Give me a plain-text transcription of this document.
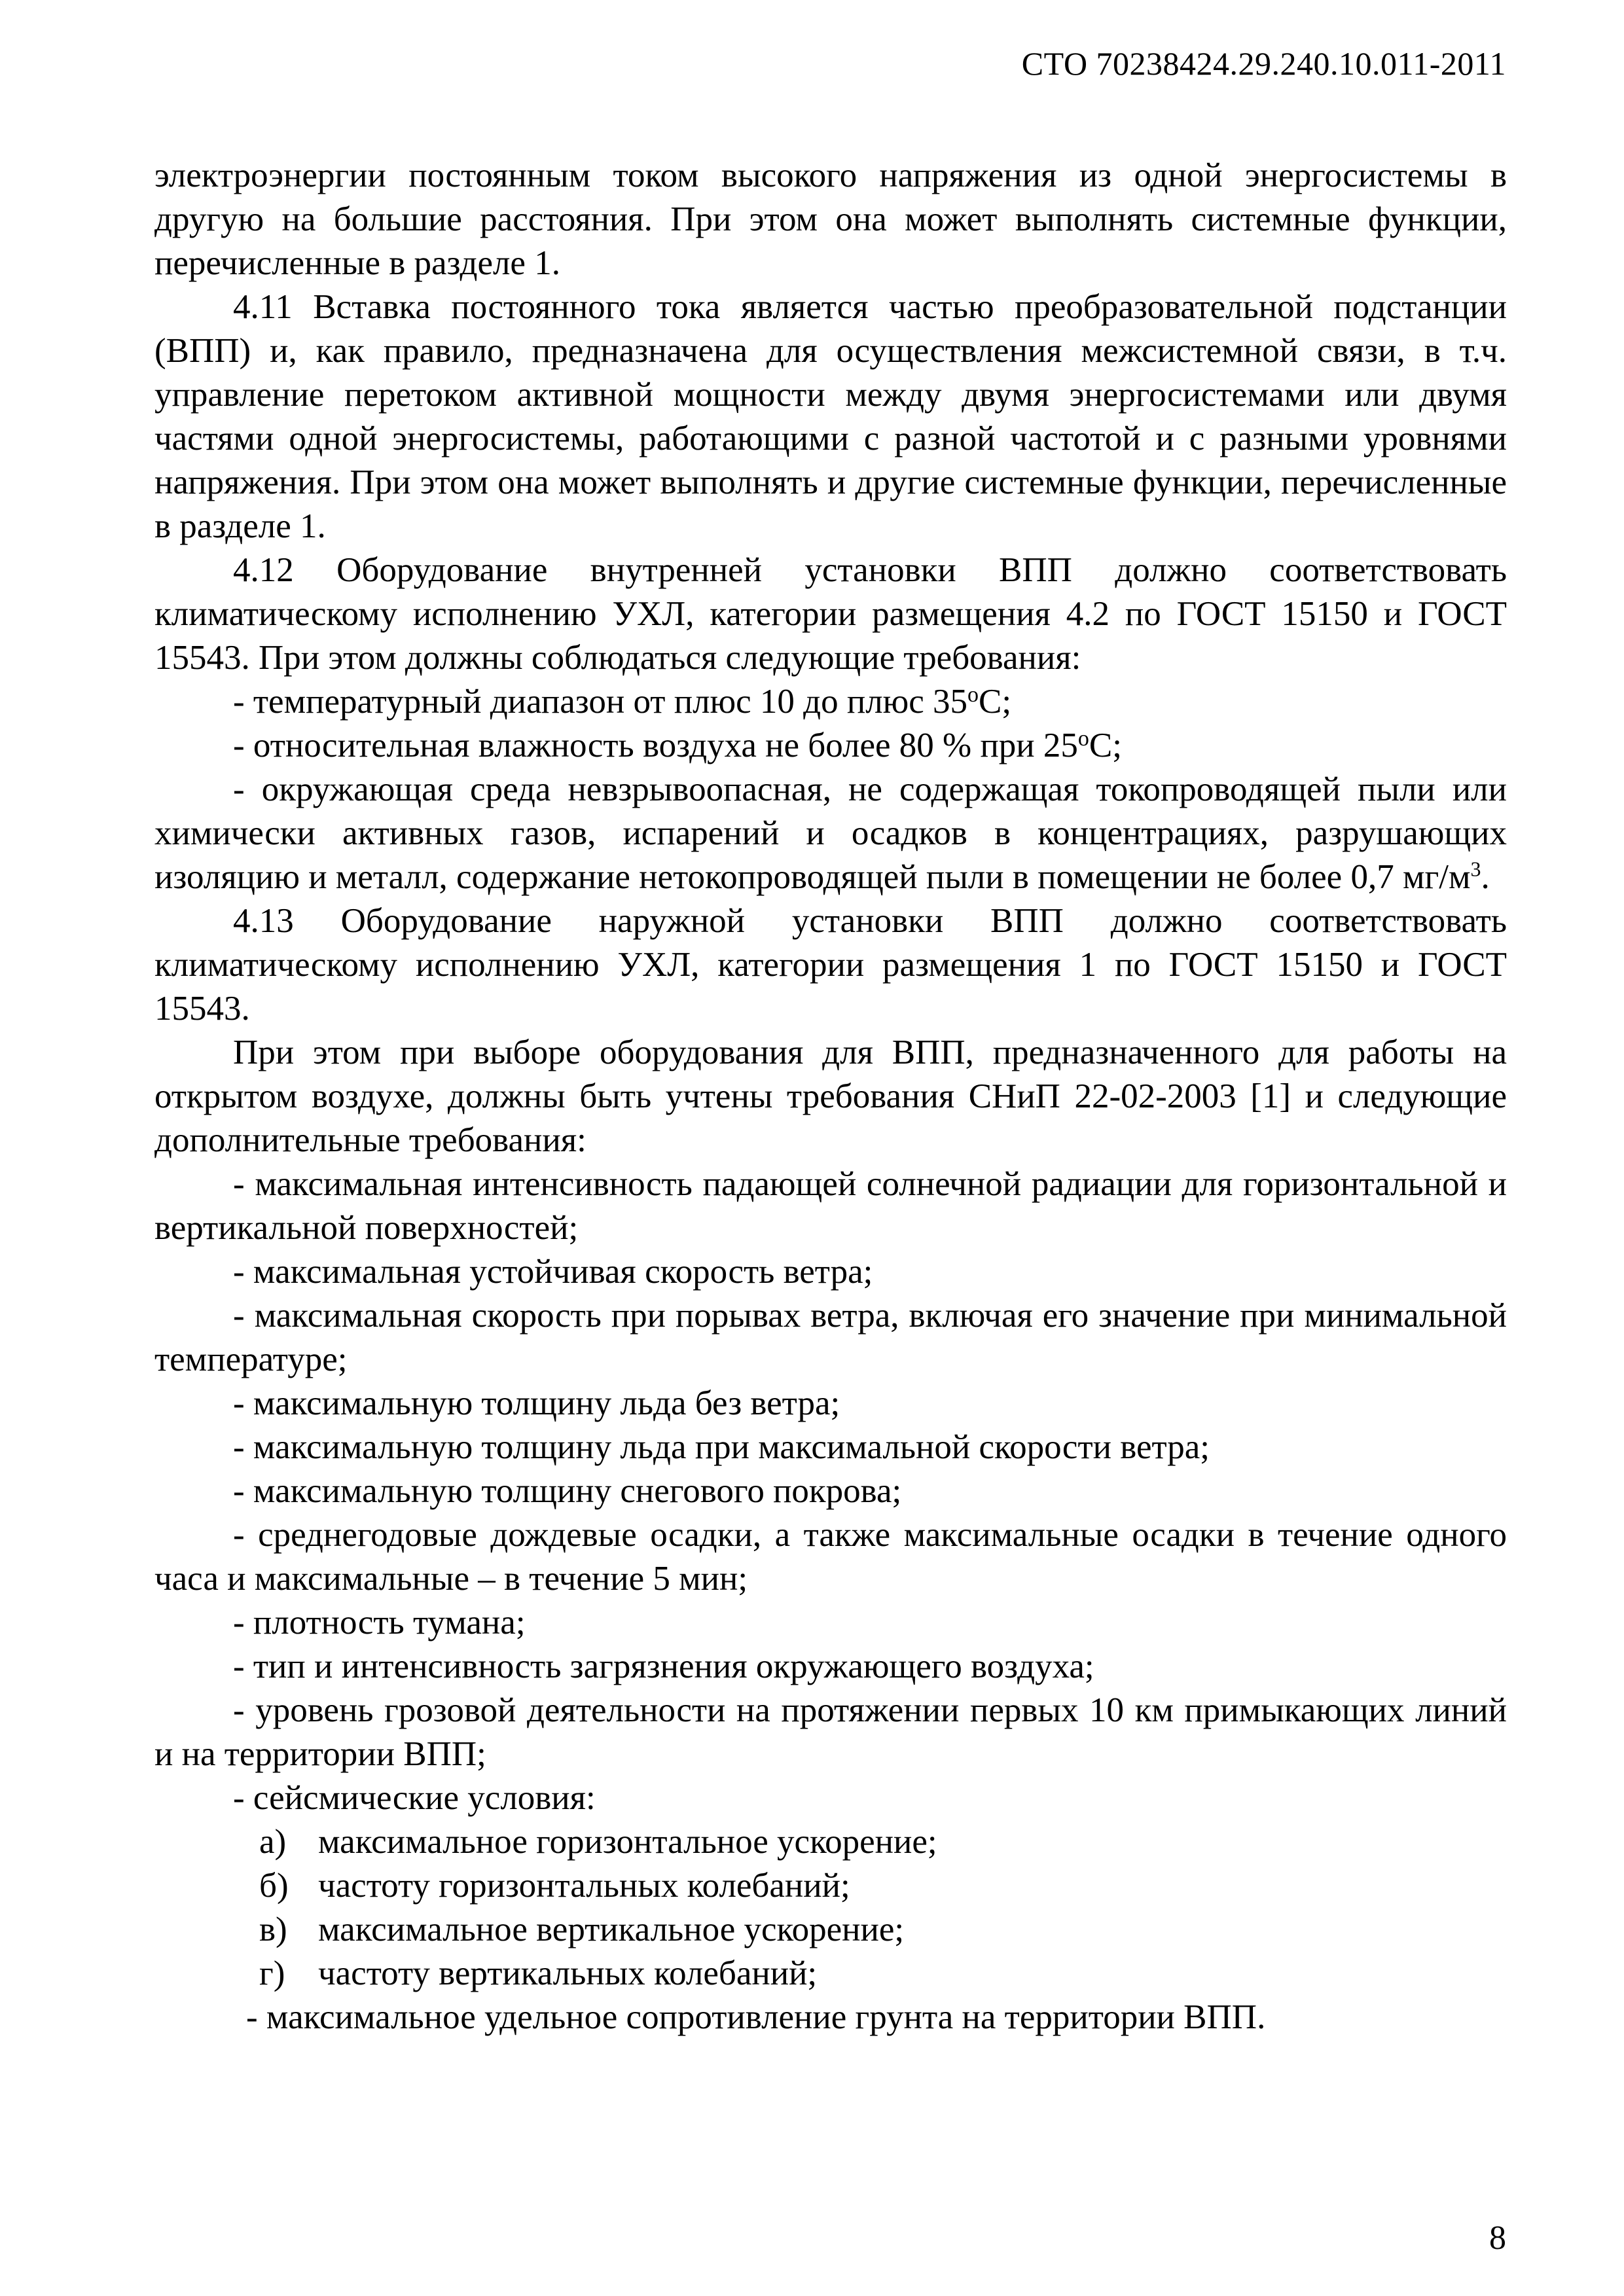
СТО 70238424.29.240.10.011-2011

электроэнергии постоянным током высокого напряжения из одной энергосистемы в другую на большие расстояния. При этом она может выполнять системные функции, перечисленные в разделе 1.

4.11 Вставка постоянного тока является частью преобразовательной подстанции (ВПП) и, как правило, предназначена для осуществления межсистемной связи, в т.ч. управление перетоком активной мощности между двумя энергосистемами или двумя частями одной энергосистемы, работающими с разной частотой и с разными уровнями напряжения. При этом она может выполнять и другие системные функции, перечисленные в разделе 1.

4.12 Оборудование внутренней установки ВПП должно соответствовать климатическому исполнению УХЛ, категории размещения 4.2 по ГОСТ 15150 и ГОСТ 15543. При этом должны соблюдаться следующие требования:

- температурный диапазон от плюс 10 до плюс $35^оС$;

- относительная влажность воздуха не более 80 % при $25^оС$;

- окружающая среда невзрывоопасная, не содержащая токопроводящей пыли или химически активных газов, испарений и осадков в концентрациях, разрушающих изоляцию и металл, содержание нетокопроводящей пыли в помещении не более 0,7 $мг/м^3$.

4.13 Оборудование наружной установки ВПП должно соответствовать климатическому исполнению УХЛ, категории размещения 1 по ГОСТ 15150 и ГОСТ 15543.

При этом при выборе оборудования для ВПП, предназначенного для работы на открытом воздухе, должны быть учтены требования СНиП 22-02-2003 [1] и следующие дополнительные требования:

- максимальная интенсивность падающей солнечной радиации для горизонтальной и вертикальной поверхностей;

- максимальная устойчивая скорость ветра;

- максимальная скорость при порывах ветра, включая его значение при минимальной температуре;

- максимальную толщину льда без ветра;

- максимальную толщину льда при максимальной скорости ветра;

- максимальную толщину снегового покрова;

- среднегодовые дождевые осадки, а также максимальные осадки в течение одного часа и максимальные – в течение 5 мин;

- плотность тумана;

- тип и интенсивность загрязнения окружающего воздуха;

- уровень грозовой деятельности на протяжении первых 10 км примыкающих линий и на территории ВПП;

- сейсмические условия:

а) максимальное горизонтальное ускорение;

б) частоту горизонтальных колебаний;

в) максимальное вертикальное ускорение;

г) частоту вертикальных колебаний;

- максимальное удельное сопротивление грунта на территории ВПП.

8
